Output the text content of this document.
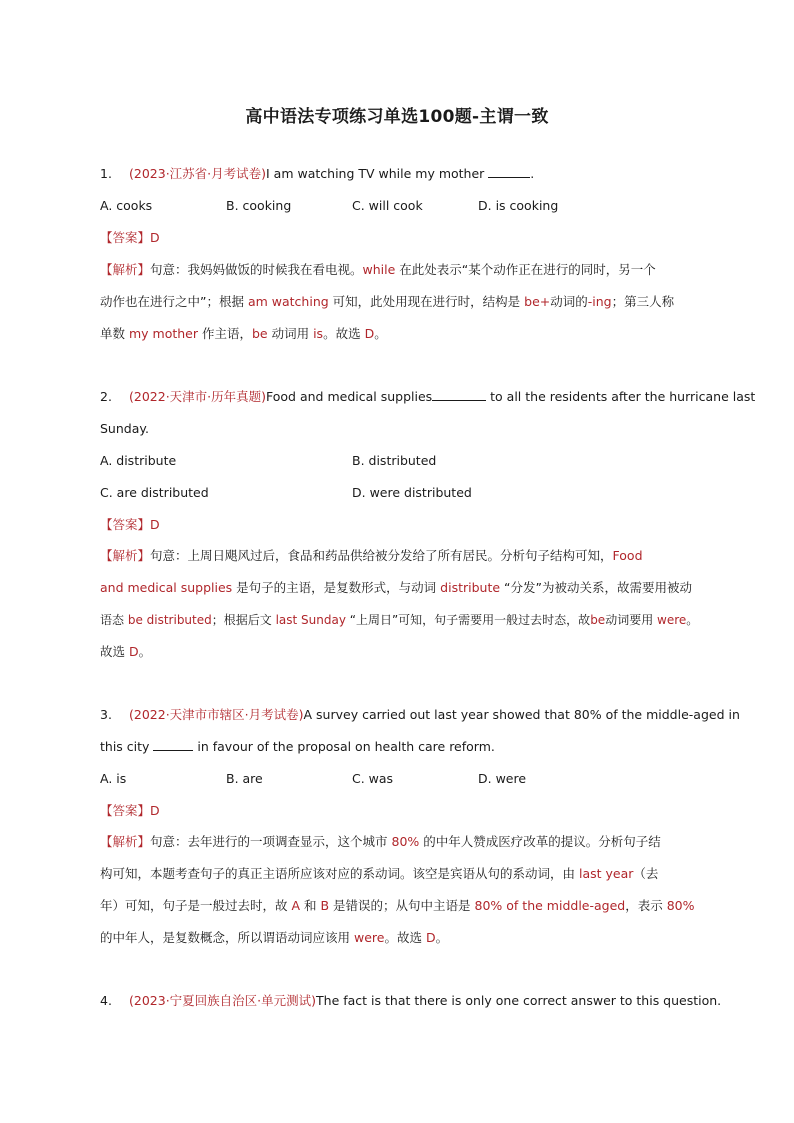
高中语法专项练习单选100题-主谓一致
1. (2023·江苏省·月考试卷)I am watching TV while my mother	.
A. cooks	B. cooking	C. will cook	D. is cooking
【答案】D
【解析】句意：我妈妈做饭的时候我在看电视。while 在此处表示“某个动作正在进行的同时，另一个
动作也在进行之中”；根据 am watching 可知，此处用现在进行时，结构是 be+动词的-ing；第三人称
单数 my mother 作主语，be 动词用 is。故选 D。
2. (2022·天津市·历年真题)Food and medical supplies	to all the residents after the hurricane last
Sunday.
A. distribute	B. distributed
C. are distributed	D. were distributed
【答案】D
【解析】句意：上周日飓风过后，食品和药品供给被分发给了所有居民。分析句子结构可知，Food
and medical supplies 是句子的主语，是复数形式，与动词 distribute “分发”为被动关系，故需要用被动
语态 be distributed；根据后文 last Sunday “上周日”可知，句子需要用一般过去时态，故be动词要用 were。
故选 D。
3. (2022·天津市市辖区·月考试卷)A survey carried out last year showed that 80% of the middle-aged in
this city	in favour of the proposal on health care reform.
A. is	B. are	C. was	D. were
【答案】D
【解析】句意：去年进行的一项调查显示，这个城市 80% 的中年人赞成医疗改革的提议。分析句子结
构可知，本题考查句子的真正主语所应该对应的系动词。该空是宾语从句的系动词，由 last year（去
年）可知，句子是一般过去时，故 A 和 B 是错误的；从句中主语是 80% of the middle-aged，表示 80%
的中年人，是复数概念，所以谓语动词应该用 were。故选 D。
4. (2023·宁夏回族自治区·单元测试)The fact is that there is only one correct answer to this question.
